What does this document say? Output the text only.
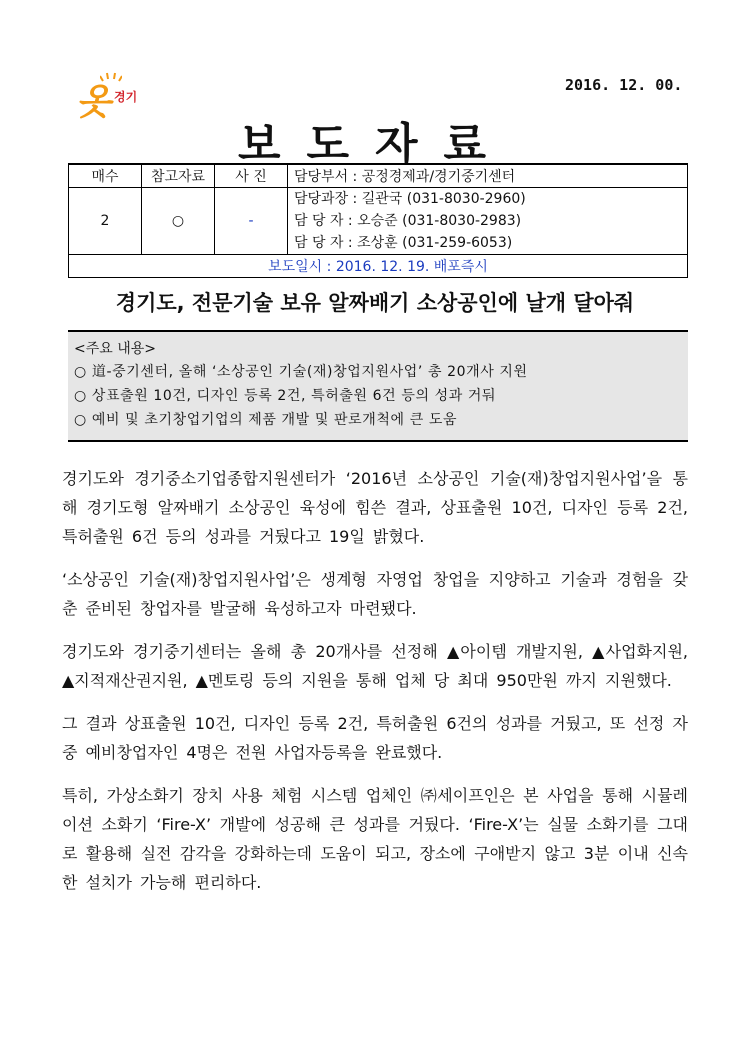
2016. 12. 00.
옷 경기
보도자료
매수	참고자료	사 진	담당부서 : 공정경제과/경기중기센터
2	○	-	담당과장 : 길관국 (031-8030-2960)
담 당 자 : 오승준 (031-8030-2983)
담 당 자 : 조상훈 (031-259-6053)

보도일시 : 2016. 12. 19. 배포즉시			
경기도, 전문기술 보유 알짜배기 소상공인에 날개 달아줘
<주요 내용>
○ 道-중기센터, 올해 ‘소상공인 기술(재)창업지원사업’ 총 20개사 지원
○ 상표출원 10건, 디자인 등록 2건, 특허출원 6건 등의 성과 거둬
○ 예비 및 초기창업기업의 제품 개발 및 판로개척에 큰 도움

경기도와 경기중소기업종합지원센터가 ‘2016년 소상공인 기술(재)창업지원사업’을 통해 경기도형 알짜배기 소상공인 육성에 힘쓴 결과, 상표출원 10건, 디자인 등록 2건, 특허출원 6건 등의 성과를 거뒀다고 19일 밝혔다.

‘소상공인 기술(재)창업지원사업’은 생계형 자영업 창업을 지양하고 기술과 경험을 갖춘 준비된 창업자를 발굴해 육성하고자 마련됐다.

경기도와 경기중기센터는 올해 총 20개사를 선정해 ▲아이템 개발지원, ▲사업화지원, ▲지적재산권지원, ▲멘토링 등의 지원을 통해 업체 당 최대 950만원 까지 지원했다.

그 결과 상표출원 10건, 디자인 등록 2건, 특허출원 6건의 성과를 거뒀고, 또 선정 자 중 예비창업자인 4명은 전원 사업자등록을 완료했다.

특히, 가상소화기 장치 사용 체험 시스템 업체인 ㈜세이프인은 본 사업을 통해 시뮬레이션 소화기 ‘Fire-X’ 개발에 성공해 큰 성과를 거뒀다. ‘Fire-X’는 실물 소화기를 그대로 활용해 실전 감각을 강화하는데 도움이 되고, 장소에 구애받지 않고 3분 이내 신속한 설치가 가능해 편리하다.
